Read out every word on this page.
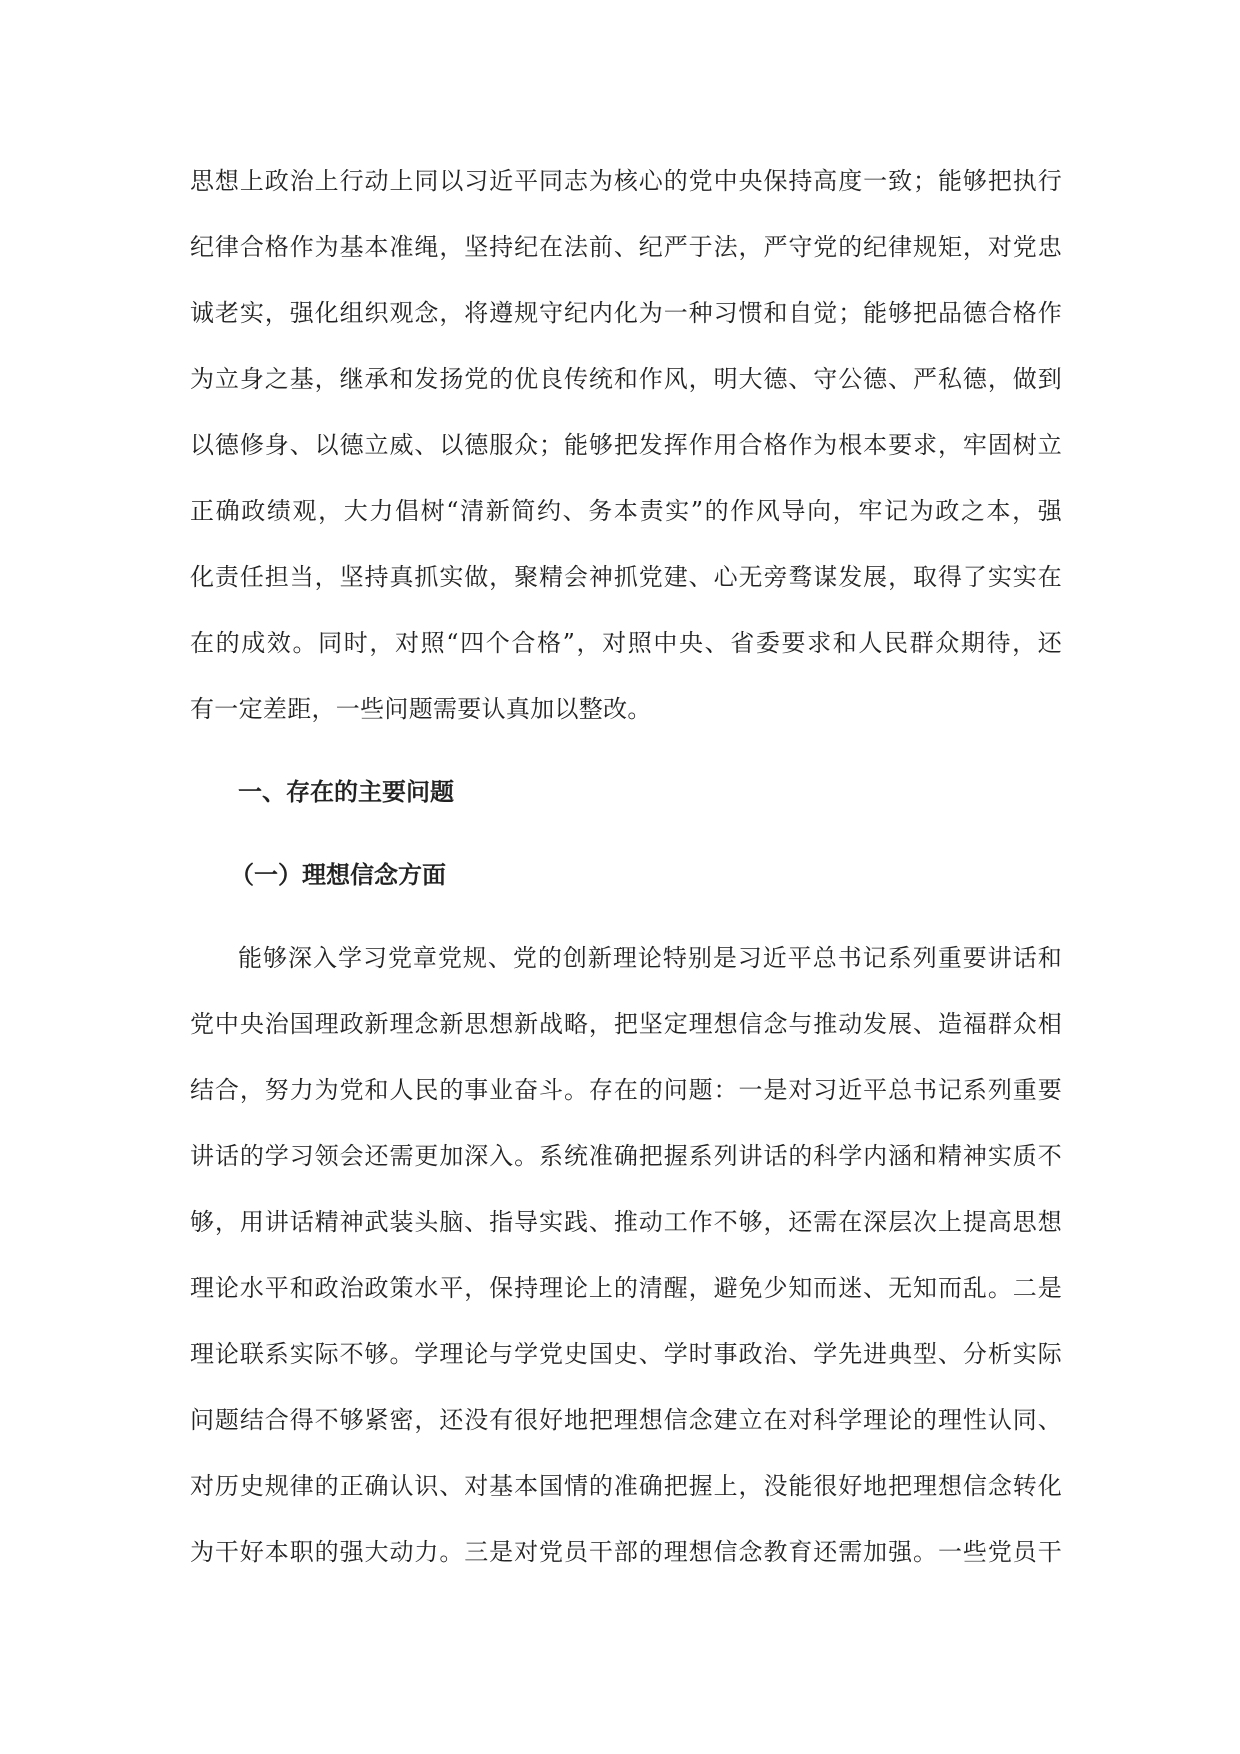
思想上政治上行动上同以习近平同志为核心的党中央保持高度一致；能够把执行
纪律合格作为基本准绳，坚持纪在法前、纪严于法，严守党的纪律规矩，对党忠
诚老实，强化组织观念，将遵规守纪内化为一种习惯和自觉；能够把品德合格作
为立身之基，继承和发扬党的优良传统和作风，明大德、守公德、严私德，做到
以德修身、以德立威、以德服众；能够把发挥作用合格作为根本要求，牢固树立
正确政绩观，大力倡树“清新简约、务本责实”的作风导向，牢记为政之本，强
化责任担当，坚持真抓实做，聚精会神抓党建、心无旁骛谋发展，取得了实实在
在的成效。同时，对照“四个合格”，对照中央、省委要求和人民群众期待，还
有一定差距，一些问题需要认真加以整改。
一、存在的主要问题
（一）理想信念方面
能够深入学习党章党规、党的创新理论特别是习近平总书记系列重要讲话和
党中央治国理政新理念新思想新战略，把坚定理想信念与推动发展、造福群众相
结合，努力为党和人民的事业奋斗。存在的问题：一是对习近平总书记系列重要
讲话的学习领会还需更加深入。系统准确把握系列讲话的科学内涵和精神实质不
够，用讲话精神武装头脑、指导实践、推动工作不够，还需在深层次上提高思想
理论水平和政治政策水平，保持理论上的清醒，避免少知而迷、无知而乱。二是
理论联系实际不够。学理论与学党史国史、学时事政治、学先进典型、分析实际
问题结合得不够紧密，还没有很好地把理想信念建立在对科学理论的理性认同、
对历史规律的正确认识、对基本国情的准确把握上，没能很好地把理想信念转化
为干好本职的强大动力。三是对党员干部的理想信念教育还需加强。一些党员干
